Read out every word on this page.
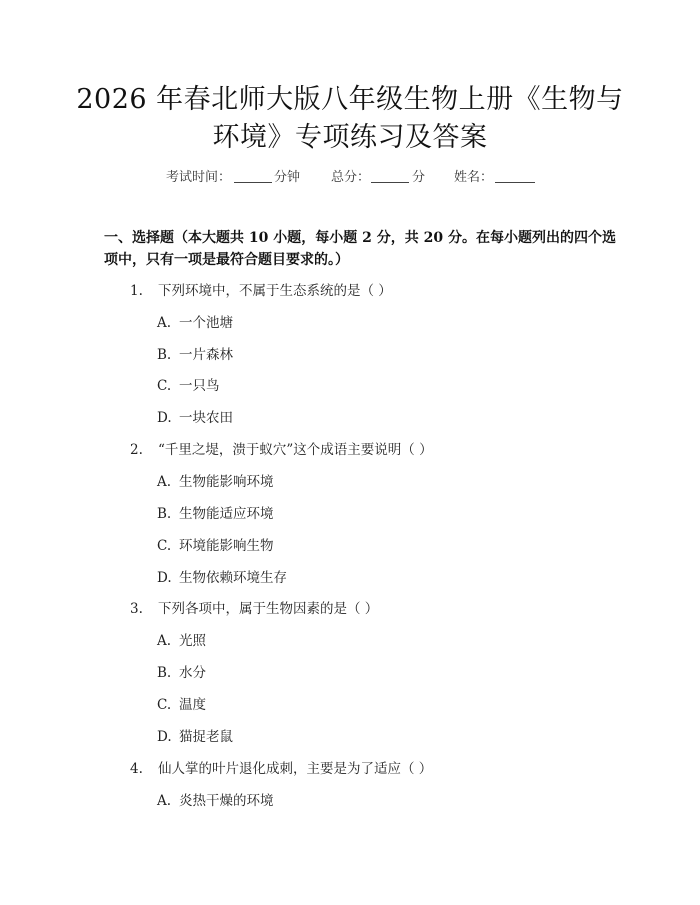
2026 年春北师大版八年级生物上册《生物与
环境》专项练习及答案
考试时间：	分钟 总分：	分 姓名：
一、选择题（本大题共 10 小题，每小题 2 分，共 20 分。在每小题列出的四个选
项中，只有一项是最符合题目要求的。）
1. 下列环境中，不属于生态系统的是（ ）
A. 一个池塘
B. 一片森林
C. 一只鸟
D. 一块农田
2. “千里之堤，溃于蚁穴”这个成语主要说明（ ）
A. 生物能影响环境
B. 生物能适应环境
C. 环境能影响生物
D. 生物依赖环境生存
3. 下列各项中，属于生物因素的是（ ）
A. 光照
B. 水分
C. 温度
D. 猫捉老鼠
4. 仙人掌的叶片退化成刺，主要是为了适应（ ）
A. 炎热干燥的环境
